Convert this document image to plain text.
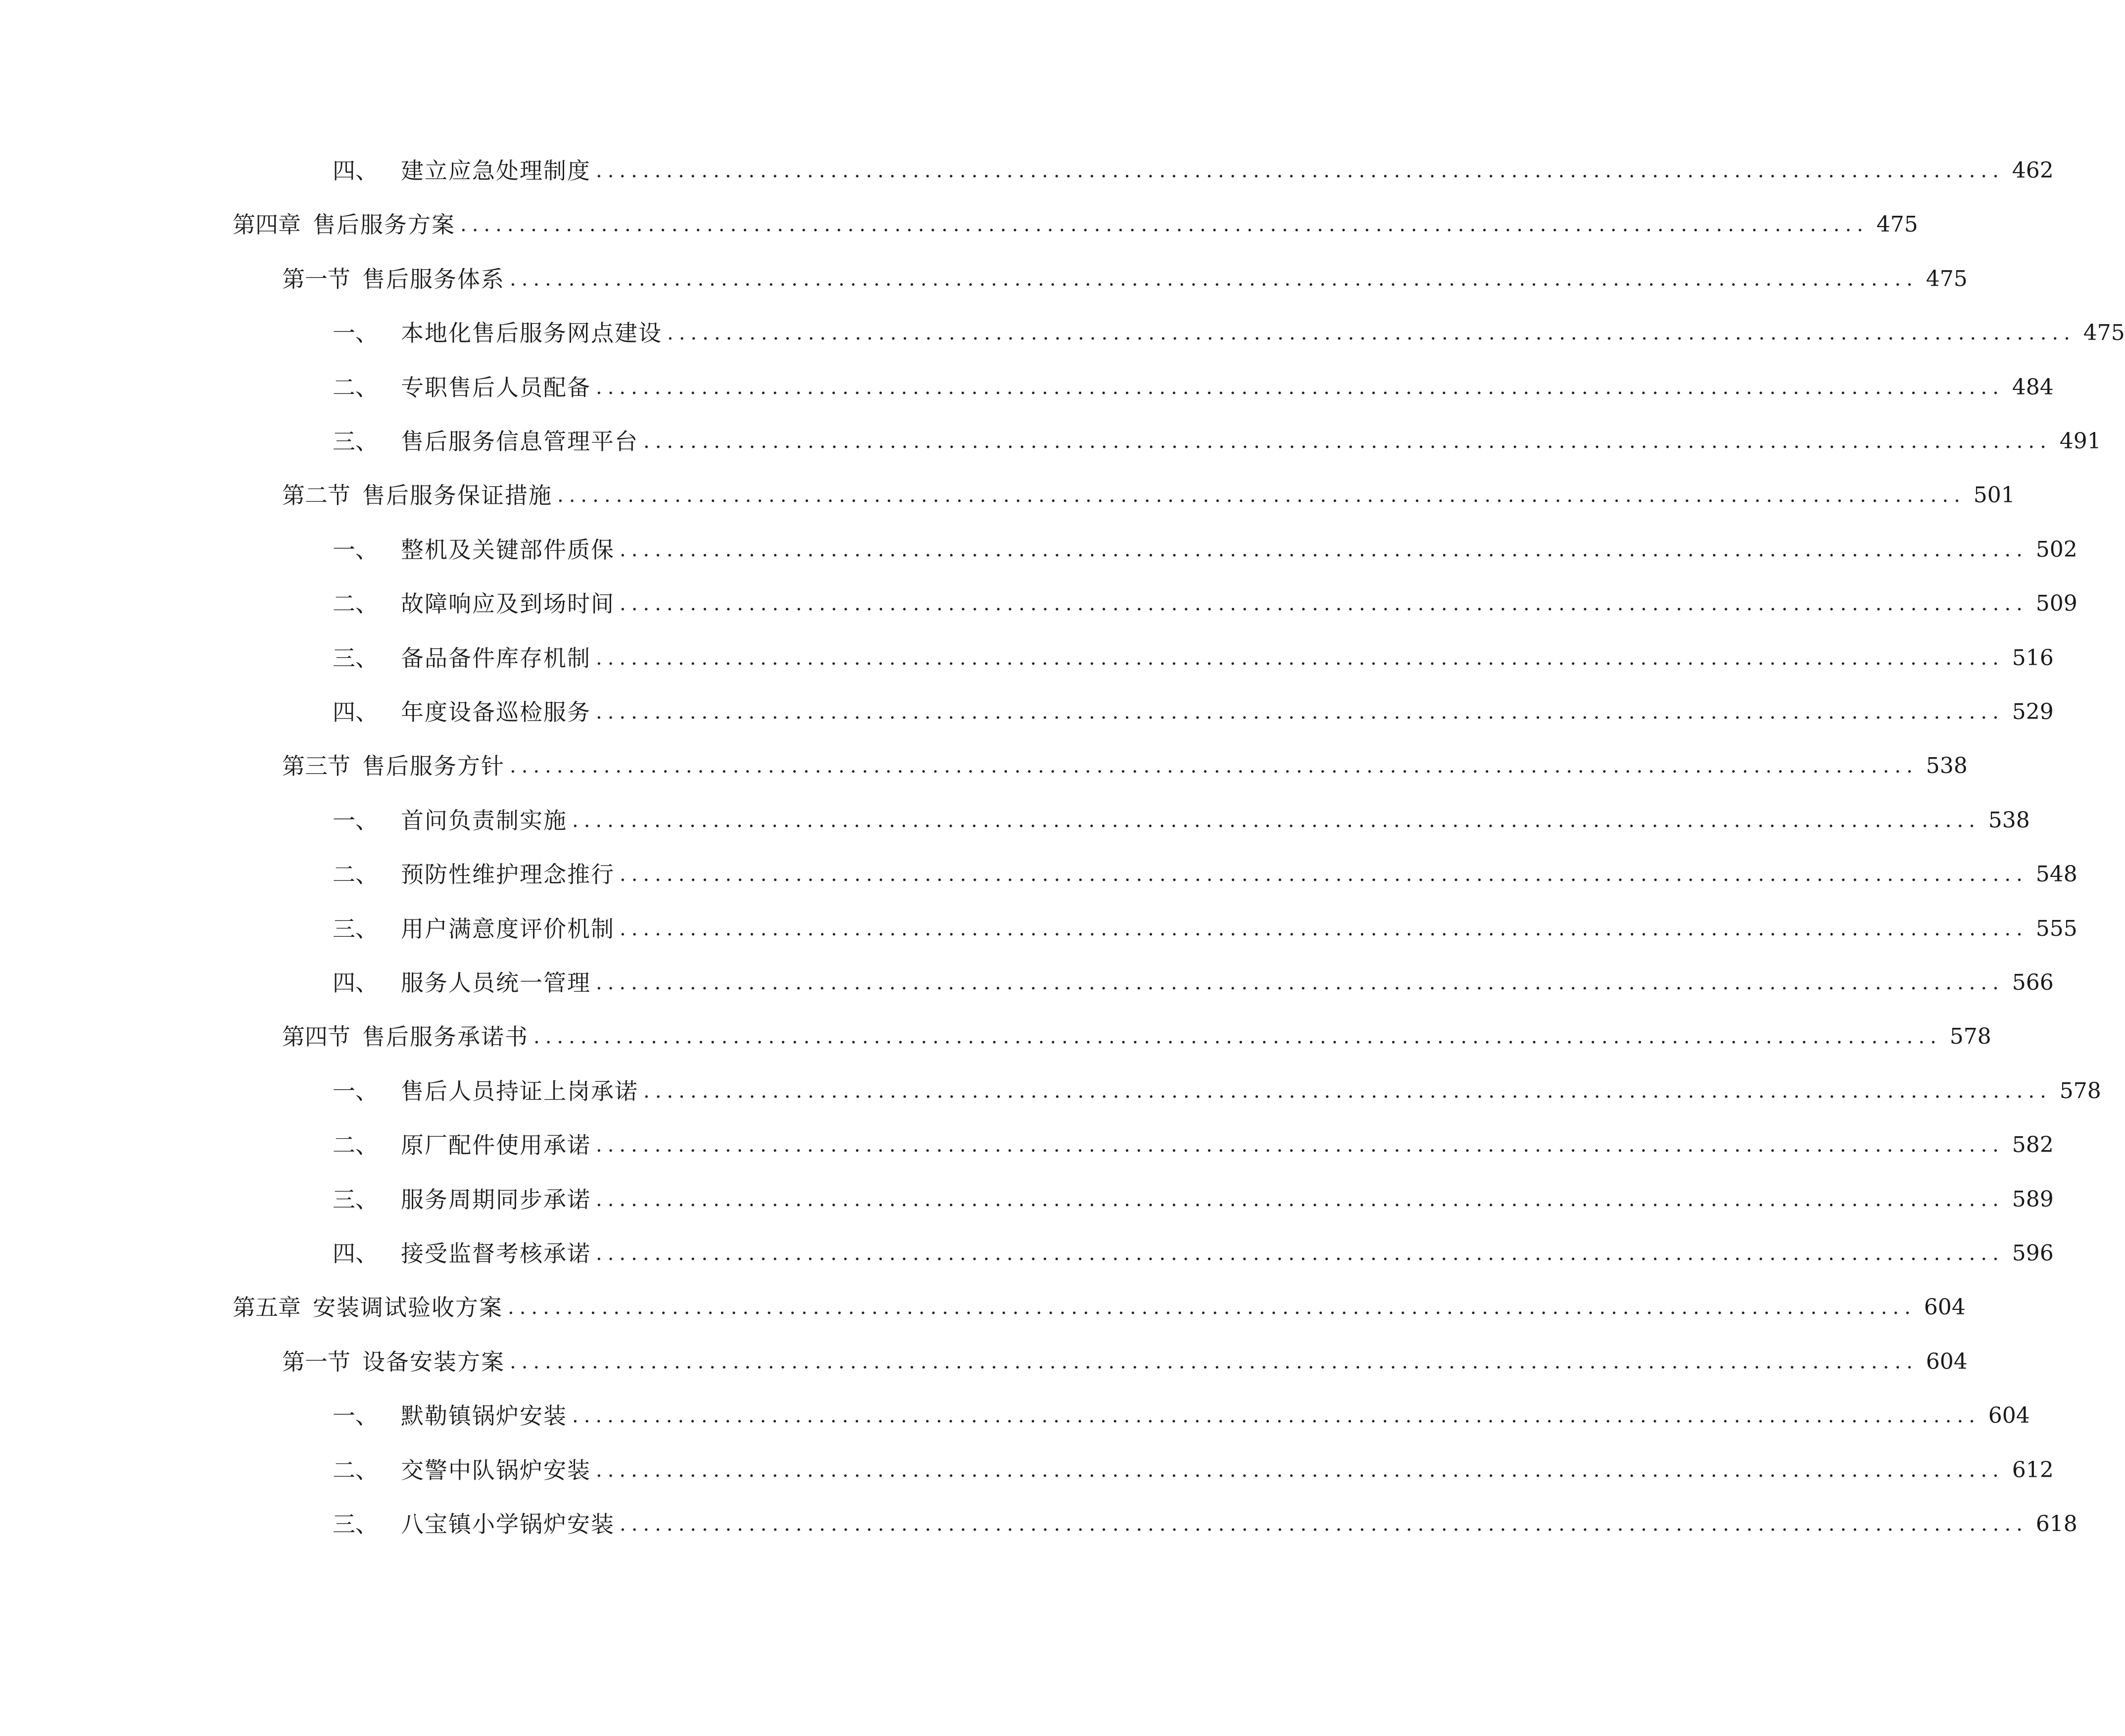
四、 建立应急处理制度 ........................................................................................................................ 462
第四章 售后服务方案 ........................................................................................................................ 475
第一节 售后服务体系 ........................................................................................................................ 475
一、 本地化售后服务网点建设 ........................................................................................................................ 475
二、 专职售后人员配备 ........................................................................................................................ 484
三、 售后服务信息管理平台 ........................................................................................................................ 491
第二节 售后服务保证措施 ........................................................................................................................ 501
一、 整机及关键部件质保 ........................................................................................................................ 502
二、 故障响应及到场时间 ........................................................................................................................ 509
三、 备品备件库存机制 ........................................................................................................................ 516
四、 年度设备巡检服务 ........................................................................................................................ 529
第三节 售后服务方针 ........................................................................................................................ 538
一、 首问负责制实施 ........................................................................................................................ 538
二、 预防性维护理念推行 ........................................................................................................................ 548
三、 用户满意度评价机制 ........................................................................................................................ 555
四、 服务人员统一管理 ........................................................................................................................ 566
第四节 售后服务承诺书 ........................................................................................................................ 578
一、 售后人员持证上岗承诺 ........................................................................................................................ 578
二、 原厂配件使用承诺 ........................................................................................................................ 582
三、 服务周期同步承诺 ........................................................................................................................ 589
四、 接受监督考核承诺 ........................................................................................................................ 596
第五章 安装调试验收方案 ........................................................................................................................ 604
第一节 设备安装方案 ........................................................................................................................ 604
一、 默勒镇锅炉安装 ........................................................................................................................ 604
二、 交警中队锅炉安装 ........................................................................................................................ 612
三、 八宝镇小学锅炉安装 ........................................................................................................................ 618
